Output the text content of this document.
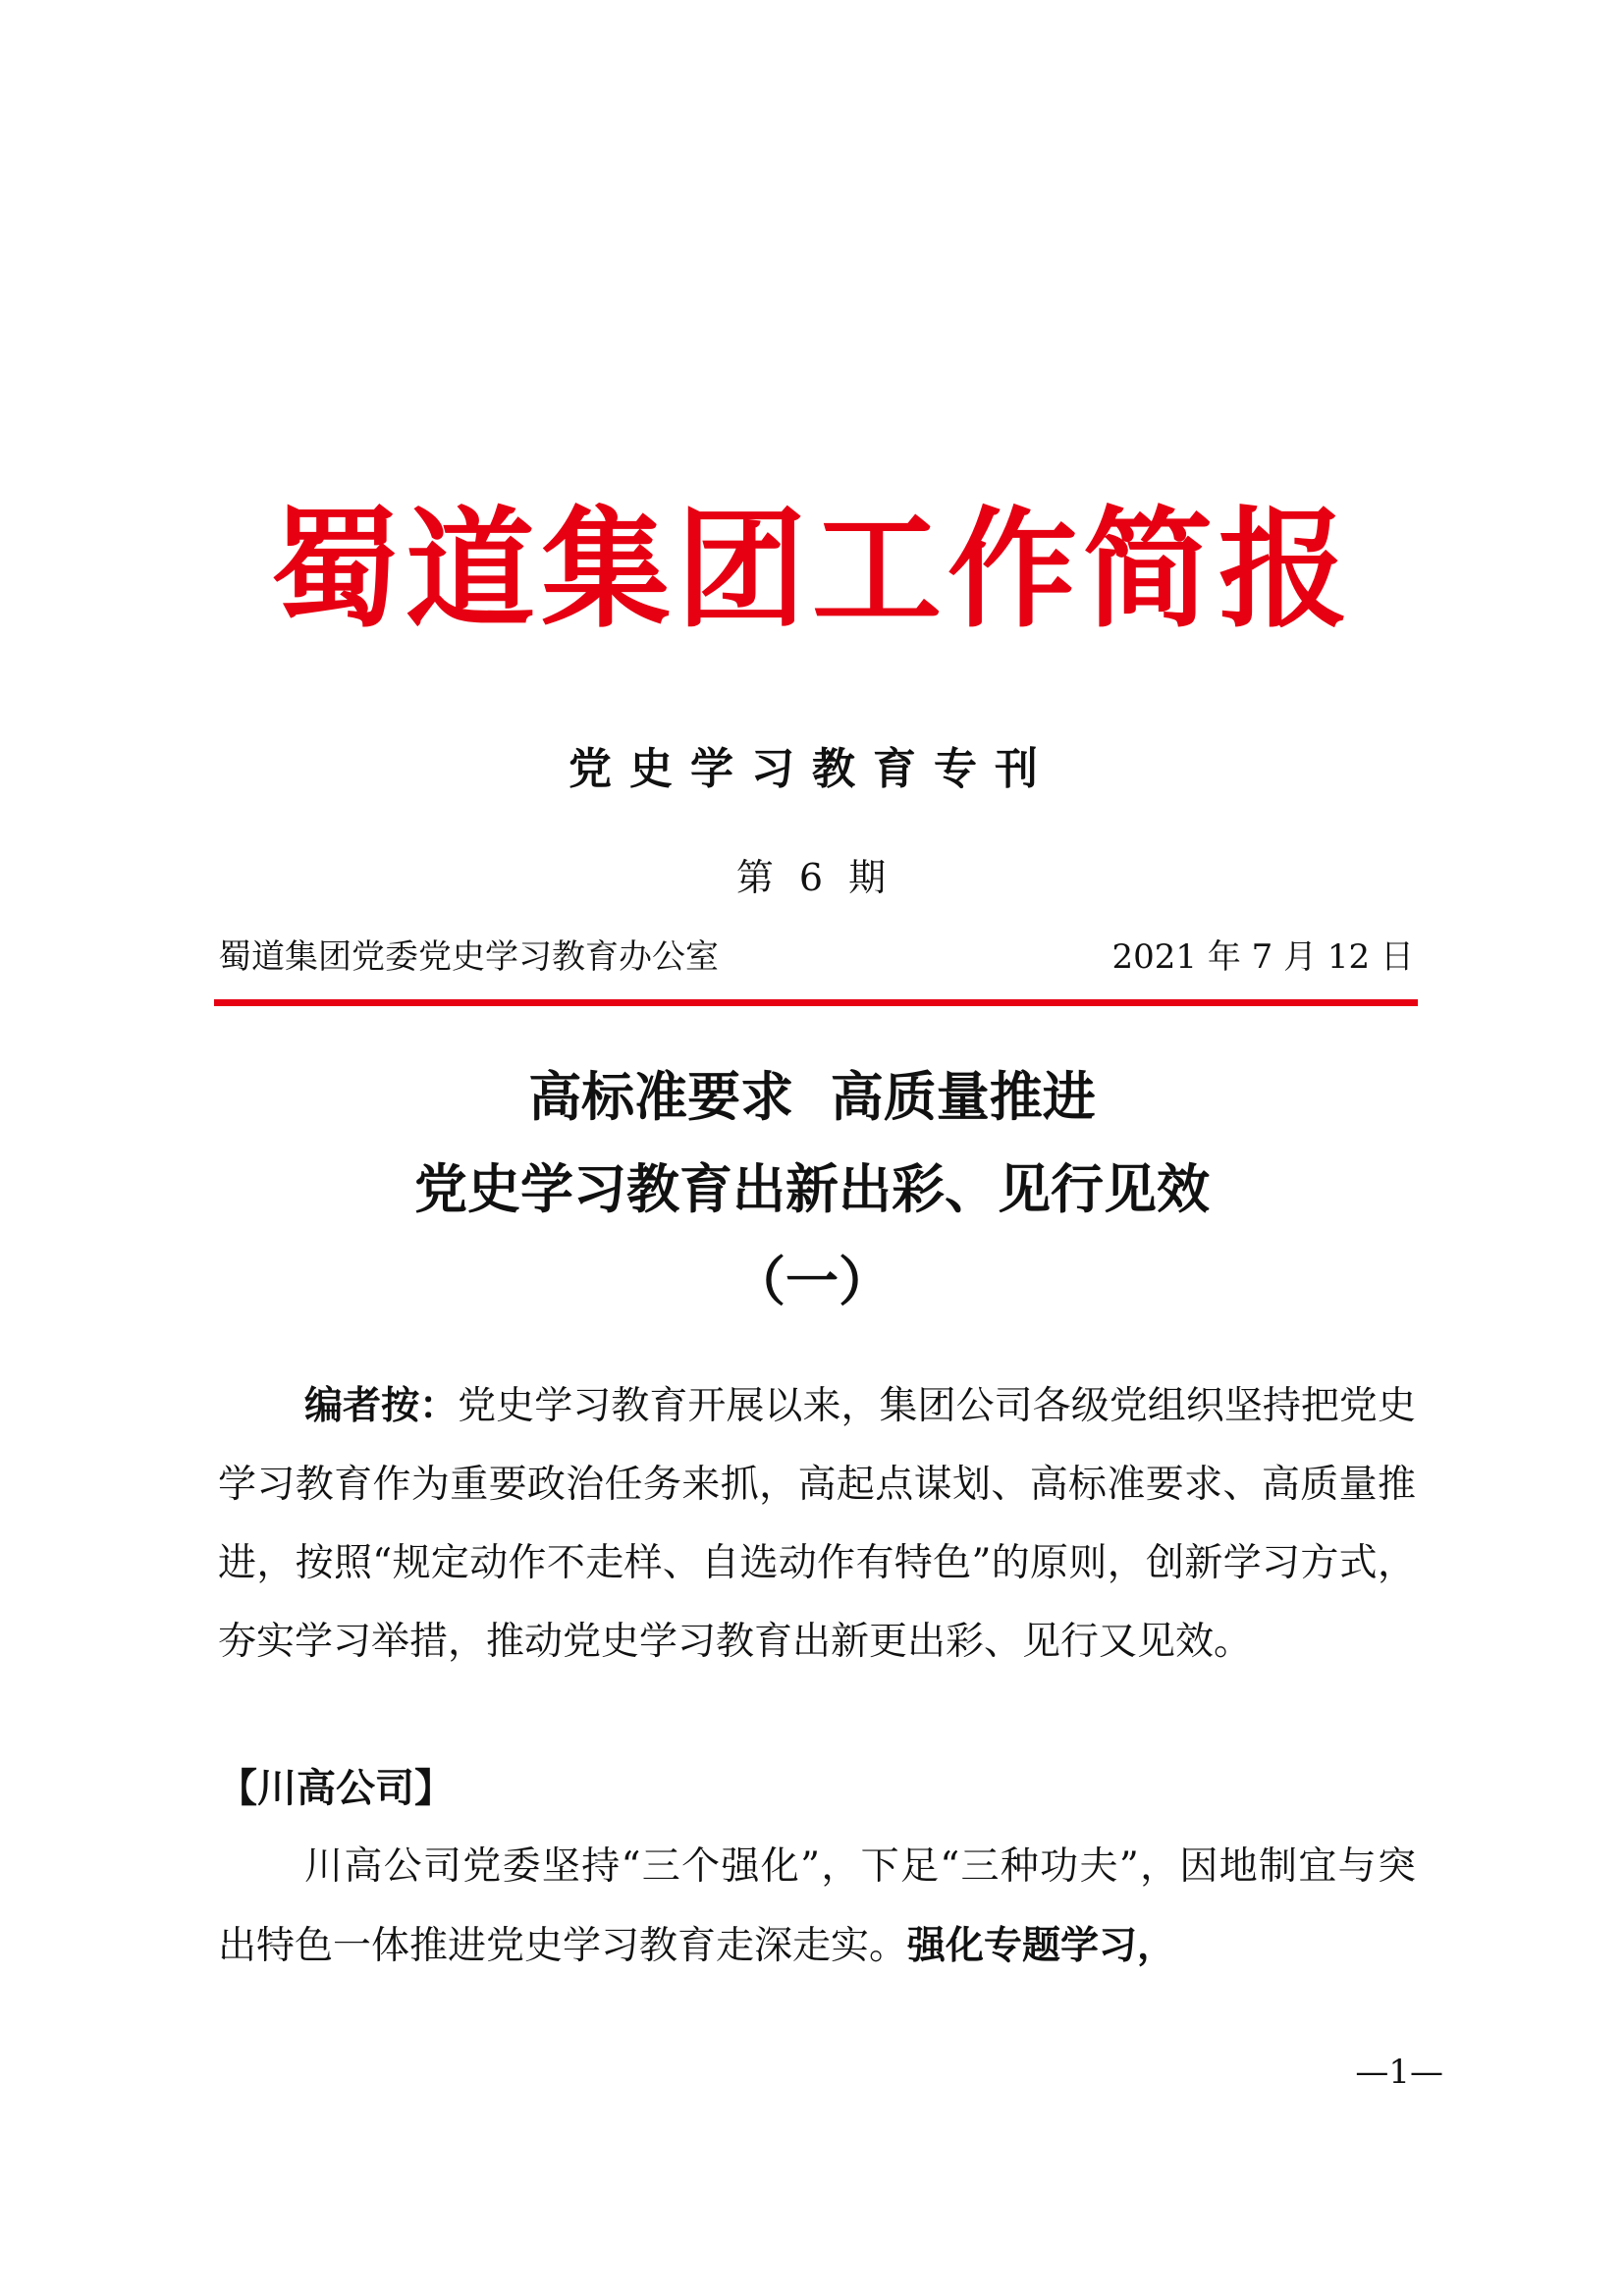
蜀道集团工作简报
党史学习教育专刊
第 6 期
蜀道集团党委党史学习教育办公室	2021 年 7 月 12 日
高标准要求  高质量推进
党史学习教育出新出彩、见行见效
（一）
编者按：党史学习教育开展以来，集团公司各级党组织坚持把党史学习教育作为重要政治任务来抓，高起点谋划、高标准要求、高质量推进，按照“规定动作不走样、自选动作有特色”的原则，创新学习方式，夯实学习举措，推动党史学习教育出新更出彩、见行又见效。
【川高公司】
川高公司党委坚持“三个强化”，下足“三种功夫”，因地制宜与突出特色一体推进党史学习教育走深走实。强化专题学习，
—1—
